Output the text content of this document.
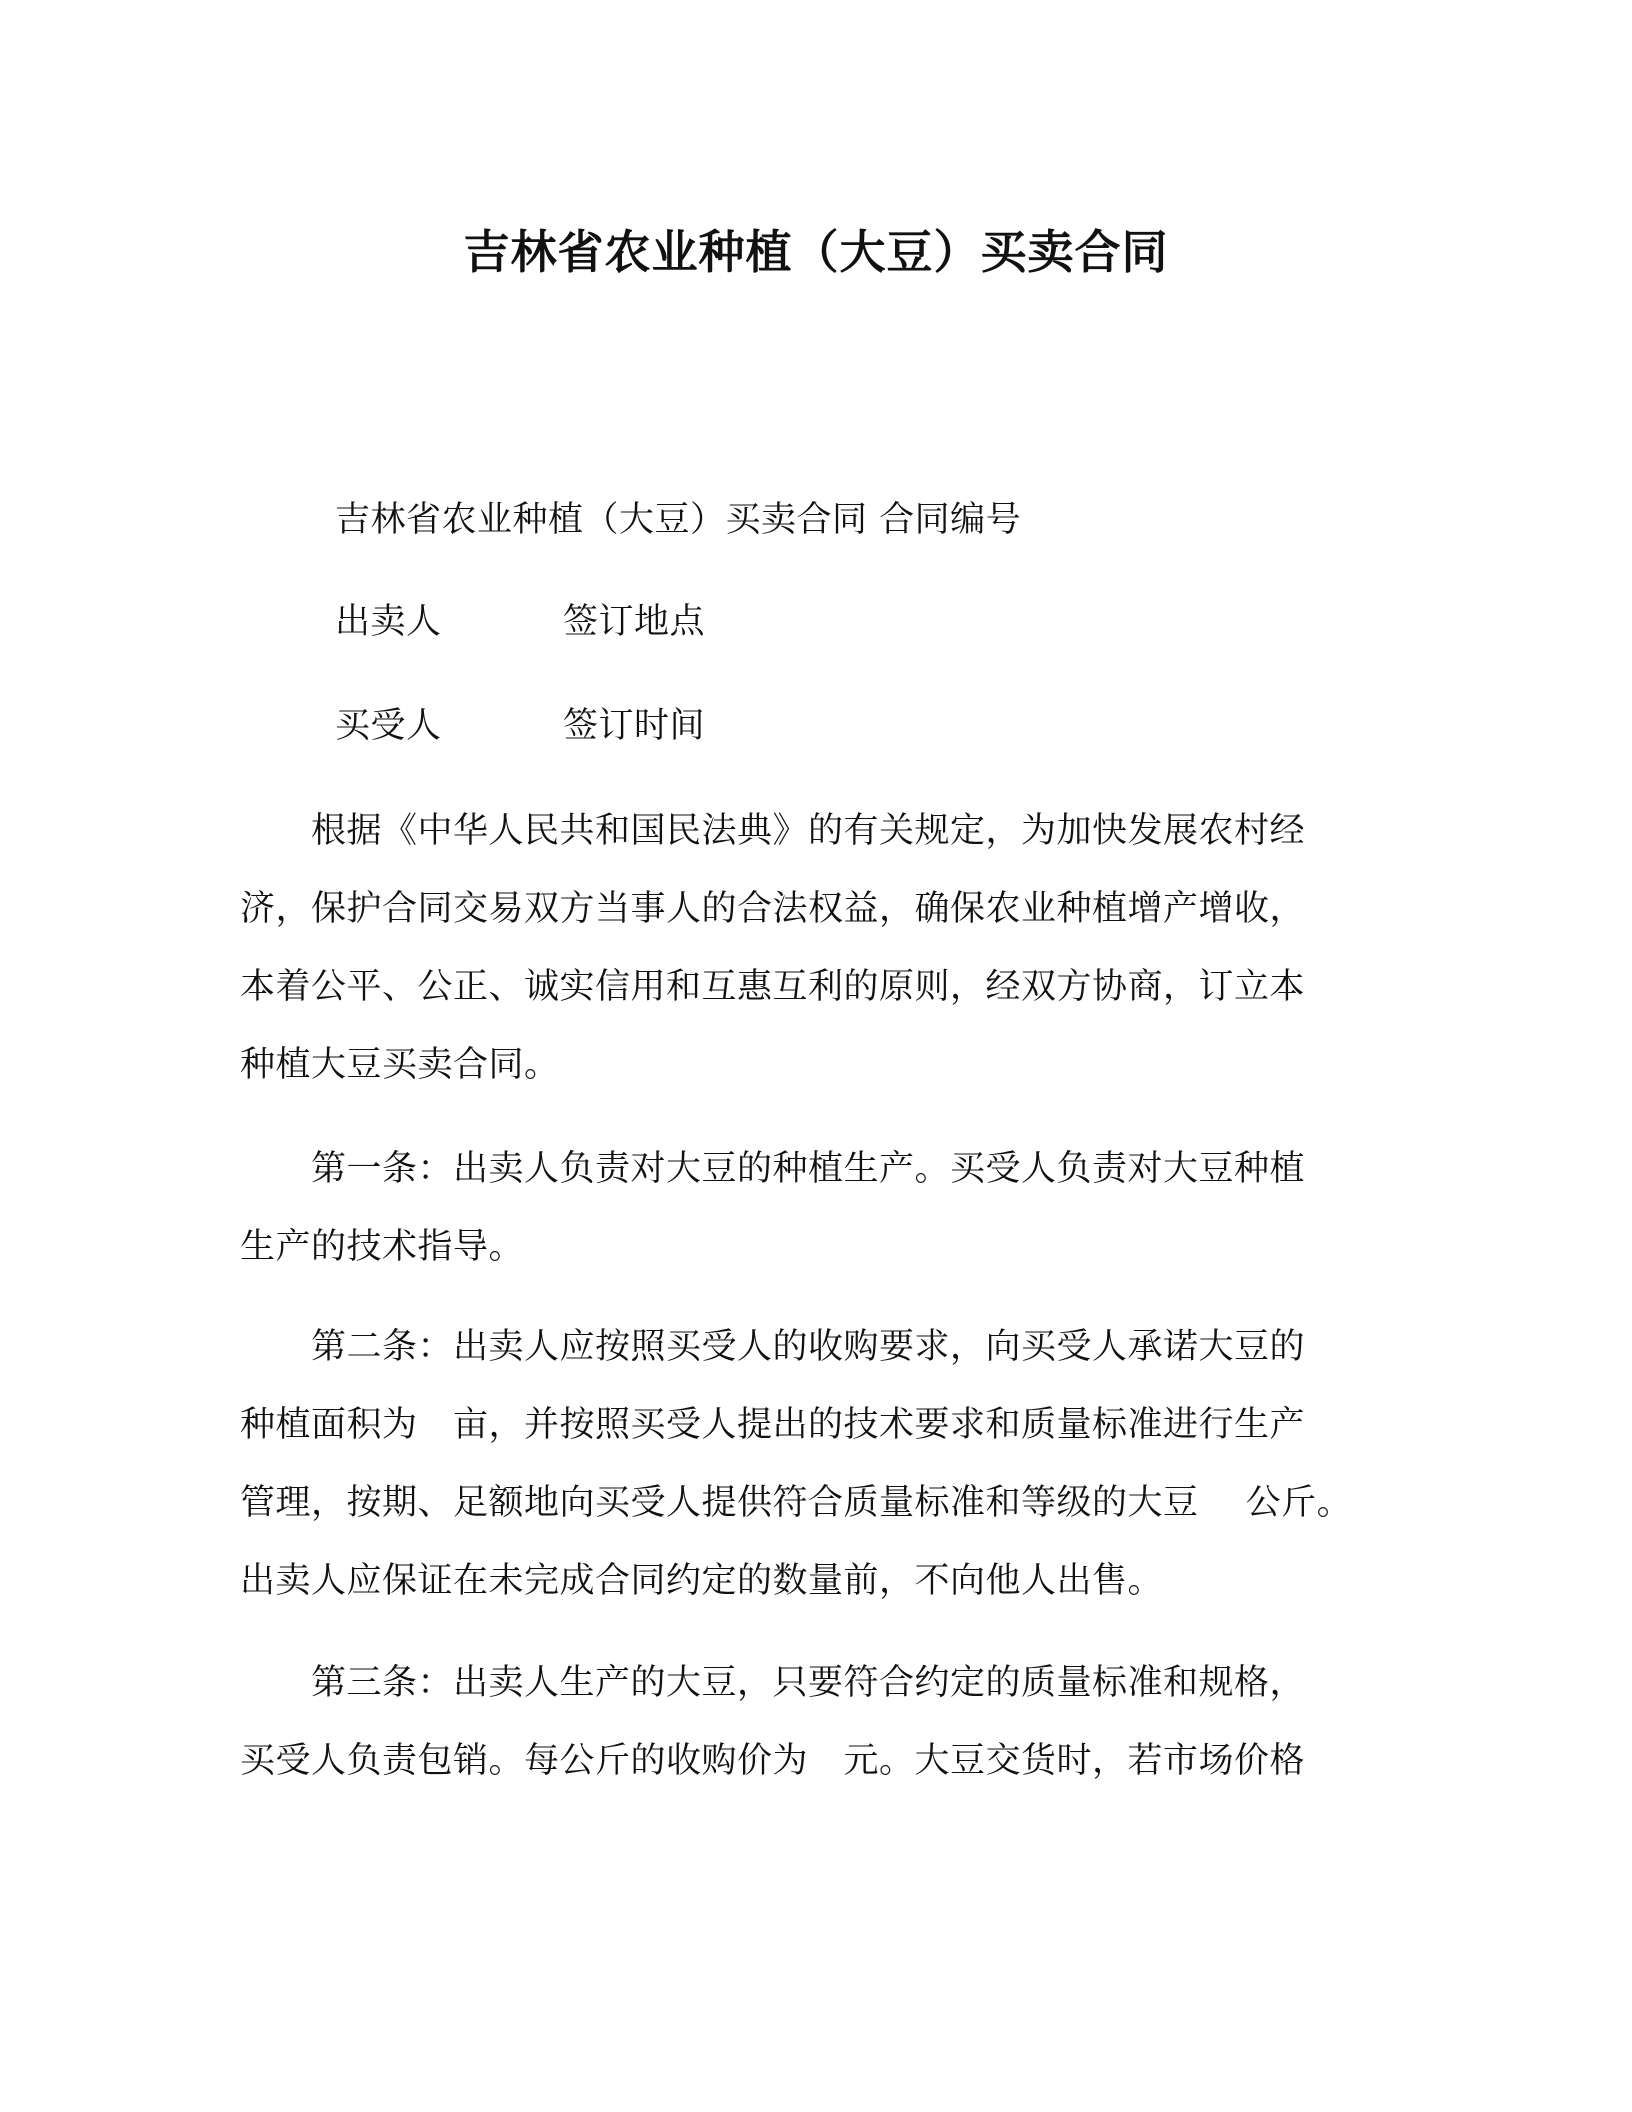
吉林省农业种植（大豆）买卖合同
吉林省农业种植（大豆）买卖合同 合同编号
出卖人	签订地点
买受人	签订时间
　　根据《中华人民共和国民法典》的有关规定，为加快发展农村经
济，保护合同交易双方当事人的合法权益，确保农业种植增产增收，
本着公平、公正、诚实信用和互惠互利的原则，经双方协商，订立本
种植大豆买卖合同。
　　第一条：出卖人负责对大豆的种植生产。买受人负责对大豆种植
生产的技术指导。
　　第二条：出卖人应按照买受人的收购要求，向买受人承诺大豆的
种植面积为　亩，并按照买受人提出的技术要求和质量标准进行生产
管理，按期、足额地向买受人提供符合质量标准和等级的大豆　 公斤。
出卖人应保证在未完成合同约定的数量前，不向他人出售。
　　第三条：出卖人生产的大豆，只要符合约定的质量标准和规格，
买受人负责包销。每公斤的收购价为　元。大豆交货时，若市场价格
